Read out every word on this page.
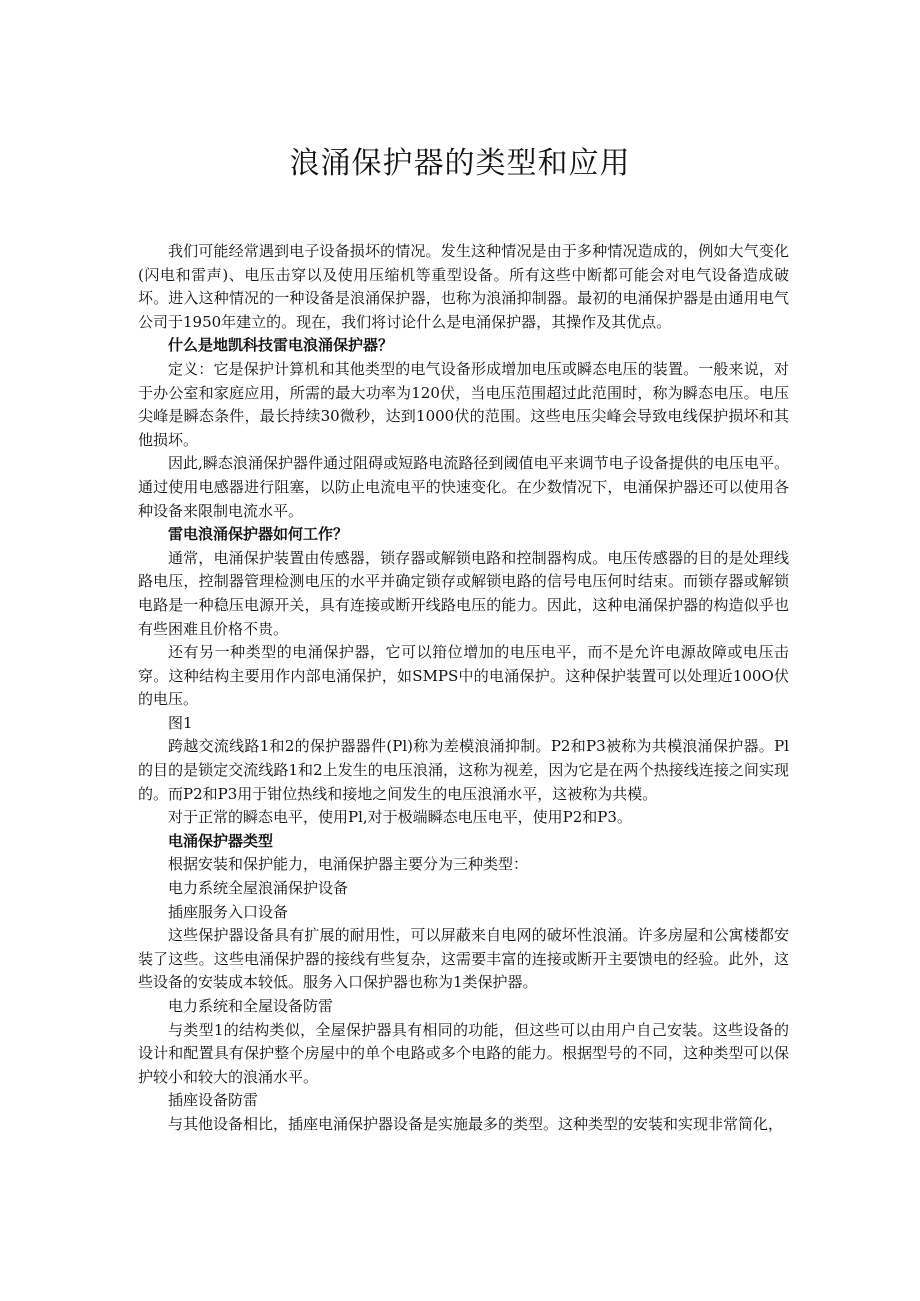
浪涌保护器的类型和应用

我们可能经常遇到电子设备损坏的情况。发生这种情况是由于多种情况造成的，例如大气变化(闪电和雷声)、电压击穿以及使用压缩机等重型设备。所有这些中断都可能会对电气设备造成破坏。进入这种情况的一种设备是浪涌保护器，也称为浪涌抑制器。最初的电涌保护器是由通用电气公司于1950年建立的。现在，我们将讨论什么是电涌保护器，其操作及其优点。

什么是地凯科技雷电浪涌保护器？

定义：它是保护计算机和其他类型的电气设备形成增加电压或瞬态电压的装置。一般来说，对于办公室和家庭应用，所需的最大功率为120伏，当电压范围超过此范围时，称为瞬态电压。电压尖峰是瞬态条件，最长持续30微秒，达到1000伏的范围。这些电压尖峰会导致电线保护损坏和其他损坏。

因此,瞬态浪涌保护器件通过阻碍或短路电流路径到阈值电平来调节电子设备提供的电压电平。通过使用电感器进行阻塞，以防止电流电平的快速变化。在少数情况下，电涌保护器还可以使用各种设备来限制电流水平。

雷电浪涌保护器如何工作？

通常，电涌保护装置由传感器，锁存器或解锁电路和控制器构成。电压传感器的目的是处理线路电压，控制器管理检测电压的水平并确定锁存或解锁电路的信号电压何时结束。而锁存器或解锁电路是一种稳压电源开关，具有连接或断开线路电压的能力。因此，这种电涌保护器的构造似乎也有些困难且价格不贵。

还有另一种类型的电涌保护器，它可以箝位增加的电压电平，而不是允许电源故障或电压击穿。这种结构主要用作内部电涌保护，如SMPS中的电涌保护。这种保护装置可以处理近100O伏的电压。

图1

跨越交流线路1和2的保护器器件(Pl)称为差模浪涌抑制。P2和P3被称为共模浪涌保护器。Pl的目的是锁定交流线路1和2上发生的电压浪涌，这称为视差，因为它是在两个热接线连接之间实现的。而P2和P3用于钳位热线和接地之间发生的电压浪涌水平，这被称为共模。

对于正常的瞬态电平，使用Pl,对于极端瞬态电压电平，使用P2和P3。

电涌保护器类型

根据安装和保护能力，电涌保护器主要分为三种类型：

电力系统全屋浪涌保护设备

插座服务入口设备

这些保护器设备具有扩展的耐用性，可以屏蔽来自电网的破坏性浪涌。许多房屋和公寓楼都安装了这些。这些电涌保护器的接线有些复杂，这需要丰富的连接或断开主要馈电的经验。此外，这些设备的安装成本较低。服务入口保护器也称为1类保护器。

电力系统和全屋设备防雷

与类型1的结构类似，全屋保护器具有相同的功能，但这些可以由用户自己安装。这些设备的设计和配置具有保护整个房屋中的单个电路或多个电路的能力。根据型号的不同，这种类型可以保护较小和较大的浪涌水平。

插座设备防雷

与其他设备相比，插座电涌保护器设备是实施最多的类型。这种类型的安装和实现非常简化，
